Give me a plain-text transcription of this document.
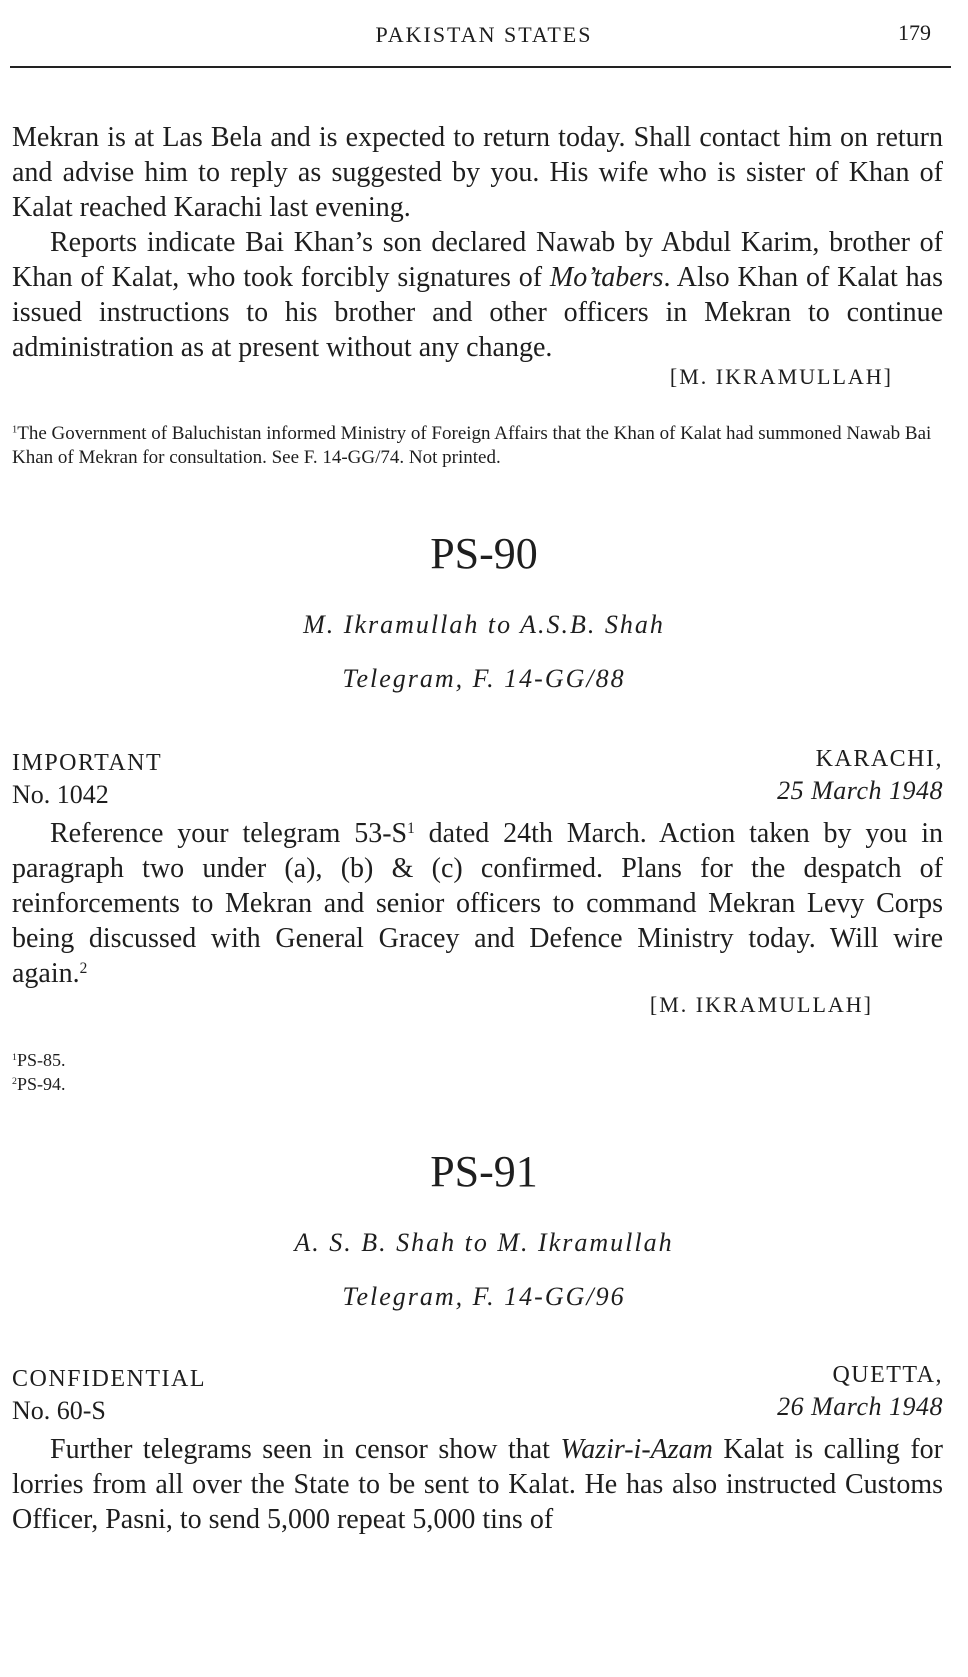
PAKISTAN STATES	179

Mekran is at Las Bela and is expected to return today. Shall contact him on return and advise him to reply as suggested by you. His wife who is sister of Khan of Kalat reached Karachi last evening.

Reports indicate Bai Khan’s son declared Nawab by Abdul Karim, brother of Khan of Kalat, who took forcibly signatures of Mo’tabers. Also Khan of Kalat has issued instructions to his brother and other officers in Mekran to continue administration as at present without any change.

[M. IKRAMULLAH]

$^1$The Government of Baluchistan informed Ministry of Foreign Affairs that the Khan of Kalat had summoned Nawab Bai Khan of Mekran for consultation. See F. 14-GG/74. Not printed.

PS-90
M. Ikramullah to A.S.B. Shah
Telegram, F. 14-GG/88
IMPORTANT
No. 1042
KARACHI,
25 March 1948

Reference your telegram $53-S^1$ dated 24th March. Action taken by you in paragraph two under (a), (b) & (c) confirmed. Plans for the despatch of reinforcements to Mekran and senior officers to command Mekran Levy Corps being discussed with General Gracey and Defence Ministry today. Will wire again.$^2$

[M. IKRAMULLAH]

$^1$PS-85.

$^2$PS-94.

PS-91
A. S. B. Shah to M. Ikramullah
Telegram, F. 14-GG/96
CONFIDENTIAL
No. 60-S
QUETTA,
26 March 1948

Further telegrams seen in censor show that Wazir-i-Azam Kalat is calling for lorries from all over the State to be sent to Kalat. He has also instructed Customs Officer, Pasni, to send 5,000 repeat 5,000 tins of
